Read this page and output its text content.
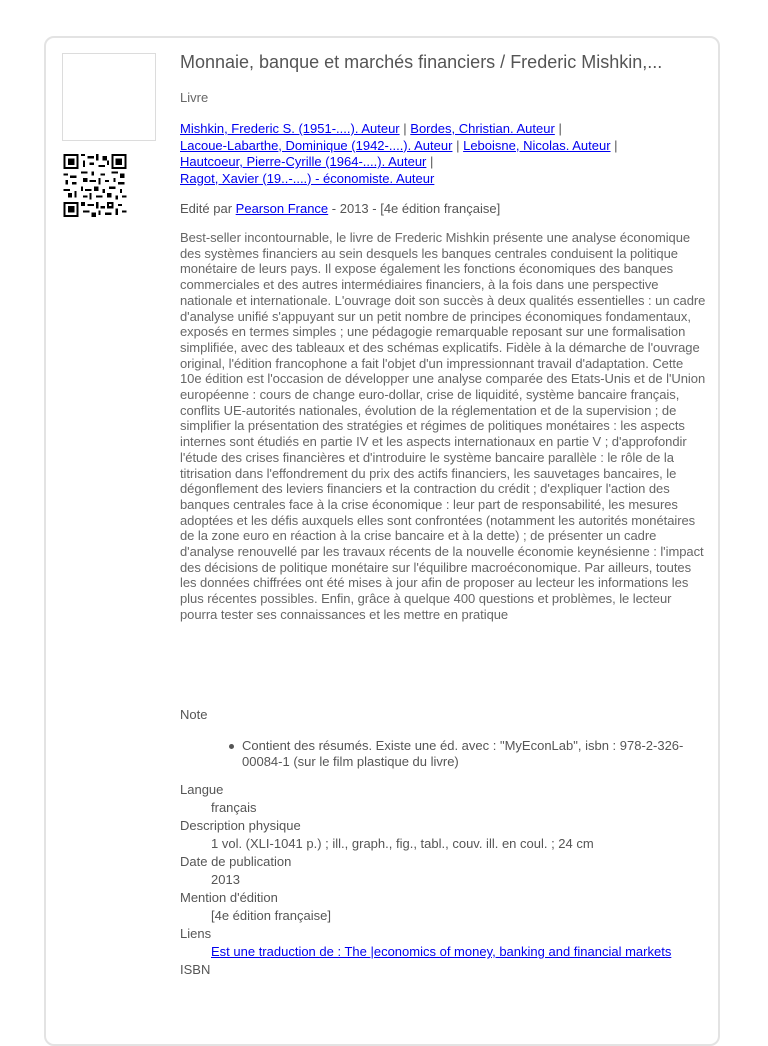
Monnaie, banque et marchés financiers / Frederic Mishkin,...
Livre
Mishkin, Frederic S. (1951-....). Auteur | Bordes, Christian. Auteur |
Lacoue-Labarthe, Dominique (1942-....). Auteur | Leboisne, Nicolas. Auteur |
Hautcoeur, Pierre-Cyrille (1964-....). Auteur |
Ragot, Xavier (19..-....) - économiste. Auteur
Edité par Pearson France - 2013 - [4e édition française]
Best-seller incontournable, le livre de Frederic Mishkin présente une analyse économique des systèmes financiers au sein desquels les banques centrales conduisent la politique monétaire de leurs pays. Il expose également les fonctions économiques des banques commerciales et des autres intermédiaires financiers, à la fois dans une perspective nationale et internationale. L'ouvrage doit son succès à deux qualités essentielles : un cadre d'analyse unifié s'appuyant sur un petit nombre de principes économiques fondamentaux, exposés en termes simples ; une pédagogie remarquable reposant sur une formalisation simplifiée, avec des tableaux et des schémas explicatifs. Fidèle à la démarche de l'ouvrage original, l'édition francophone a fait l'objet d'un impressionnant travail d'adaptation. Cette 10e édition est l'occasion de développer une analyse comparée des Etats-Unis et de l'Union européenne : cours de change euro-dollar, crise de liquidité, système bancaire français, conflits UE-autorités nationales, évolution de la réglementation et de la supervision ; de simplifier la présentation des stratégies et régimes de politiques monétaires : les aspects internes sont étudiés en partie IV et les aspects internationaux en partie V ; d'approfondir l'étude des crises financières et d'introduire le système bancaire parallèle : le rôle de la titrisation dans l'effondrement du prix des actifs financiers, les sauvetages bancaires, le dégonflement des leviers financiers et la contraction du crédit ; d'expliquer l'action des banques centrales face à la crise économique : leur part de responsabilité, les mesures adoptées et les défis auxquels elles sont confrontées (notamment les autorités monétaires de la zone euro en réaction à la crise bancaire et à la dette) ; de présenter un cadre d'analyse renouvellé par les travaux récents de la nouvelle économie keynésienne : l'impact des décisions de politique monétaire sur l'équilibre macroéconomique. Par ailleurs, toutes les données chiffrées ont été mises à jour afin de proposer au lecteur les informations les plus récentes possibles. Enfin, grâce à quelque 400 questions et problèmes, le lecteur pourra tester ses connaissances et les mettre en pratique
Note
Contient des résumés. Existe une éd. avec : "MyEconLab", isbn : 978-2-326-00084-1 (sur le film plastique du livre)
Langue
français
Description physique
1 vol. (XLI-1041 p.) ; ill., graph., fig., tabl., couv. ill. en coul. ; 24 cm
Date de publication
2013
Mention d'édition
[4e édition française]
Liens
Est une traduction de : The |economics of money, banking and financial markets
ISBN
